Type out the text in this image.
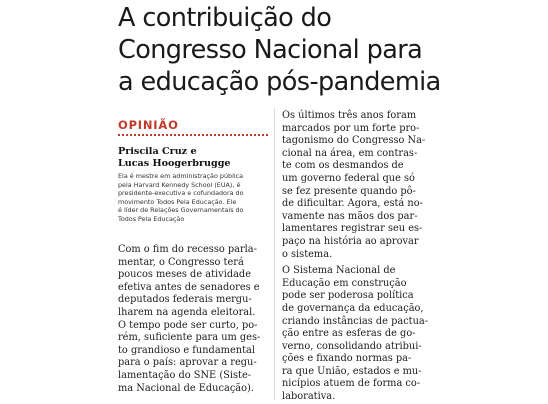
A contribuição do
Congresso Nacional para
a educação pós-pandemia
OPINIÃO
Priscila Cruz e
Lucas Hoogerbrugge
Ela é mestre em administração pública
pela Harvard Kennedy School (EUA), é
presidente-executiva e cofundadora do
movimento Todos Pela Educação. Ele
é líder de Relações Governamentais do
Todos Pela Educação
Com o fim do recesso parla-
mentar, o Congresso terá
poucos meses de atividade
efetiva antes de senadores e
deputados federais mergu-
lharem na agenda eleitoral.
O tempo pode ser curto, po-
rém, suficiente para um ges-
to grandioso e fundamental
para o país: aprovar a regu-
lamentação do SNE (Siste-
ma Nacional de Educação).
Os últimos três anos foram
marcados por um forte pro-
tagonismo do Congresso Na-
cional na área, em contras-
te com os desmandos de
um governo federal que só
se fez presente quando pô-
de dificultar. Agora, está no-
vamente nas mãos dos par-
lamentares registrar seu es-
paço na história ao aprovar
o sistema.
O Sistema Nacional de
Educação em construção
pode ser poderosa política
de governança da educação,
criando instâncias de pactua-
ção entre as esferas de go-
verno, consolidando atribui-
ções e fixando normas pa-
ra que União, estados e mu-
nicípios atuem de forma co-
laborativa.
